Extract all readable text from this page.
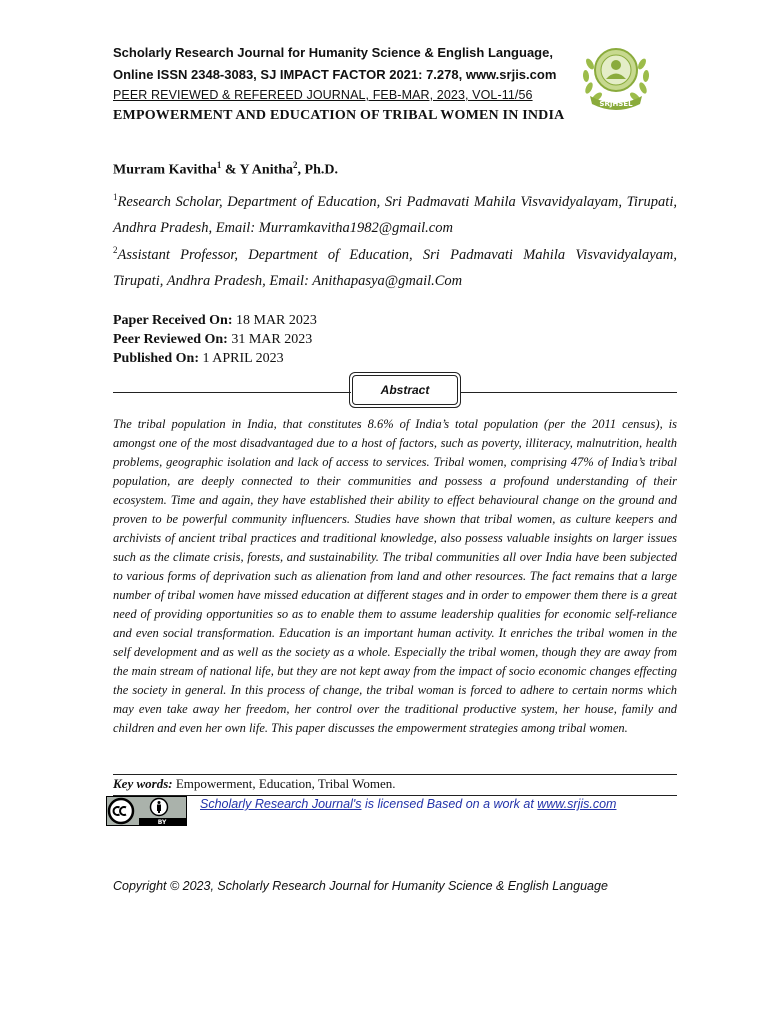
Scholarly Research Journal for Humanity Science & English Language,
Online ISSN 2348-3083, SJ IMPACT FACTOR 2021: 7.278, www.srjis.com
PEER REVIEWED & REFEREED JOURNAL, FEB-MAR, 2023, VOL-11/56
SRJHSEL
EMPOWERMENT AND EDUCATION OF TRIBAL WOMEN IN INDIA
Murram Kavitha$^1$ & Y Anitha$^2$, Ph.D.
$^1$Research Scholar, Department of Education, Sri Padmavati Mahila Visvavidyalayam, Tirupati, Andhra Pradesh, Email: Murramkavitha1982@gmail.com
$^2$Assistant Professor, Department of Education, Sri Padmavati Mahila Visvavidyalayam, Tirupati, Andhra Pradesh, Email: Anithapasya@gmail.Com
Paper Received On: 18 MAR 2023
Peer Reviewed On: 31 MAR 2023
Published On: 1 APRIL 2023
Abstract
The tribal population in India, that constitutes 8.6% of India’s total population (per the 2011 census), is amongst one of the most disadvantaged due to a host of factors, such as poverty, illiteracy, malnutrition, health problems, geographic isolation and lack of access to services. Tribal women, comprising 47% of India’s tribal population, are deeply connected to their communities and possess a profound understanding of their ecosystem. Time and again, they have established their ability to effect behavioural change on the ground and proven to be powerful community influencers. Studies have shown that tribal women, as culture keepers and archivists of ancient tribal practices and traditional knowledge, also possess valuable insights on larger issues such as the climate crisis, forests, and sustainability. The tribal communities all over India have been subjected to various forms of deprivation such as alienation from land and other resources. The fact remains that a large number of tribal women have missed education at different stages and in order to empower them there is a great need of providing opportunities so as to enable them to assume leadership qualities for economic self-reliance and even social transformation. Education is an important human activity. It enriches the tribal women in the self development and as well as the society as a whole. Especially the tribal women, though they are away from the main stream of national life, but they are not kept away from the impact of socio economic changes effecting the society in general. In this process of change, the tribal woman is forced to adhere to certain norms which may even take away her freedom, her control over the traditional productive system, her house, family and children and even her own life. This paper discusses the empowerment strategies among tribal women.
Key words: Empowerment, Education, Tribal Women.
BY
Scholarly Research Journal's is licensed Based on a work at www.srjis.com
Copyright © 2023, Scholarly Research Journal for Humanity Science & English Language
